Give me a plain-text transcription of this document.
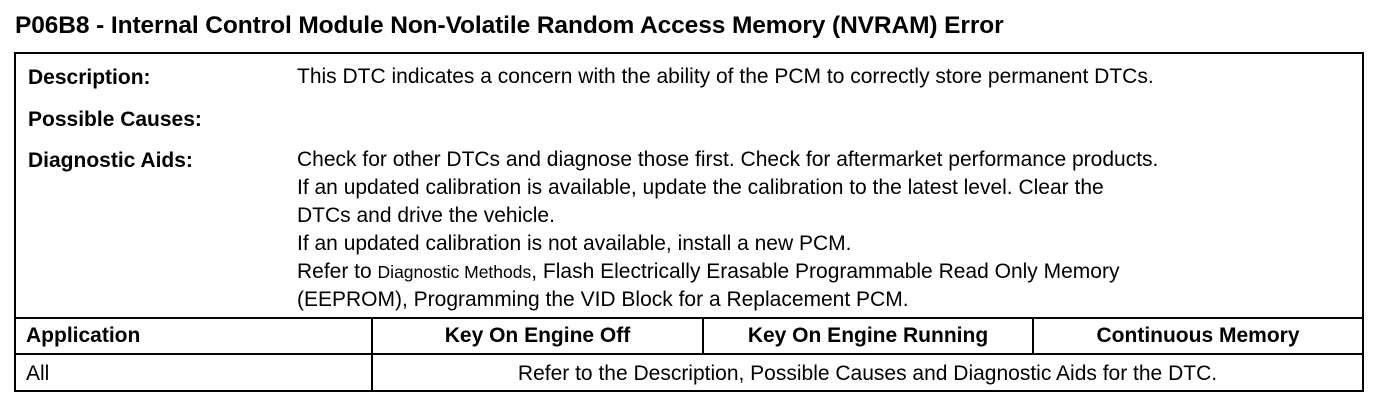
P06B8 - Internal Control Module Non-Volatile Random Access Memory (NVRAM) Error
Description:	This DTC indicates a concern with the ability of the PCM to correctly store permanent DTCs.
Possible Causes:
Diagnostic Aids:	Check for other DTCs and diagnose those first. Check for aftermarket performance products.
If an updated calibration is available, update the calibration to the latest level. Clear the
DTCs and drive the vehicle.
If an updated calibration is not available, install a new PCM.
Refer to Diagnostic Methods, Flash Electrically Erasable Programmable Read Only Memory
(EEPROM), Programming the VID Block for a Replacement PCM.
Application	Key On Engine Off	Key On Engine Running	Continuous Memory
All	Refer to the Description, Possible Causes and Diagnostic Aids for the DTC.
